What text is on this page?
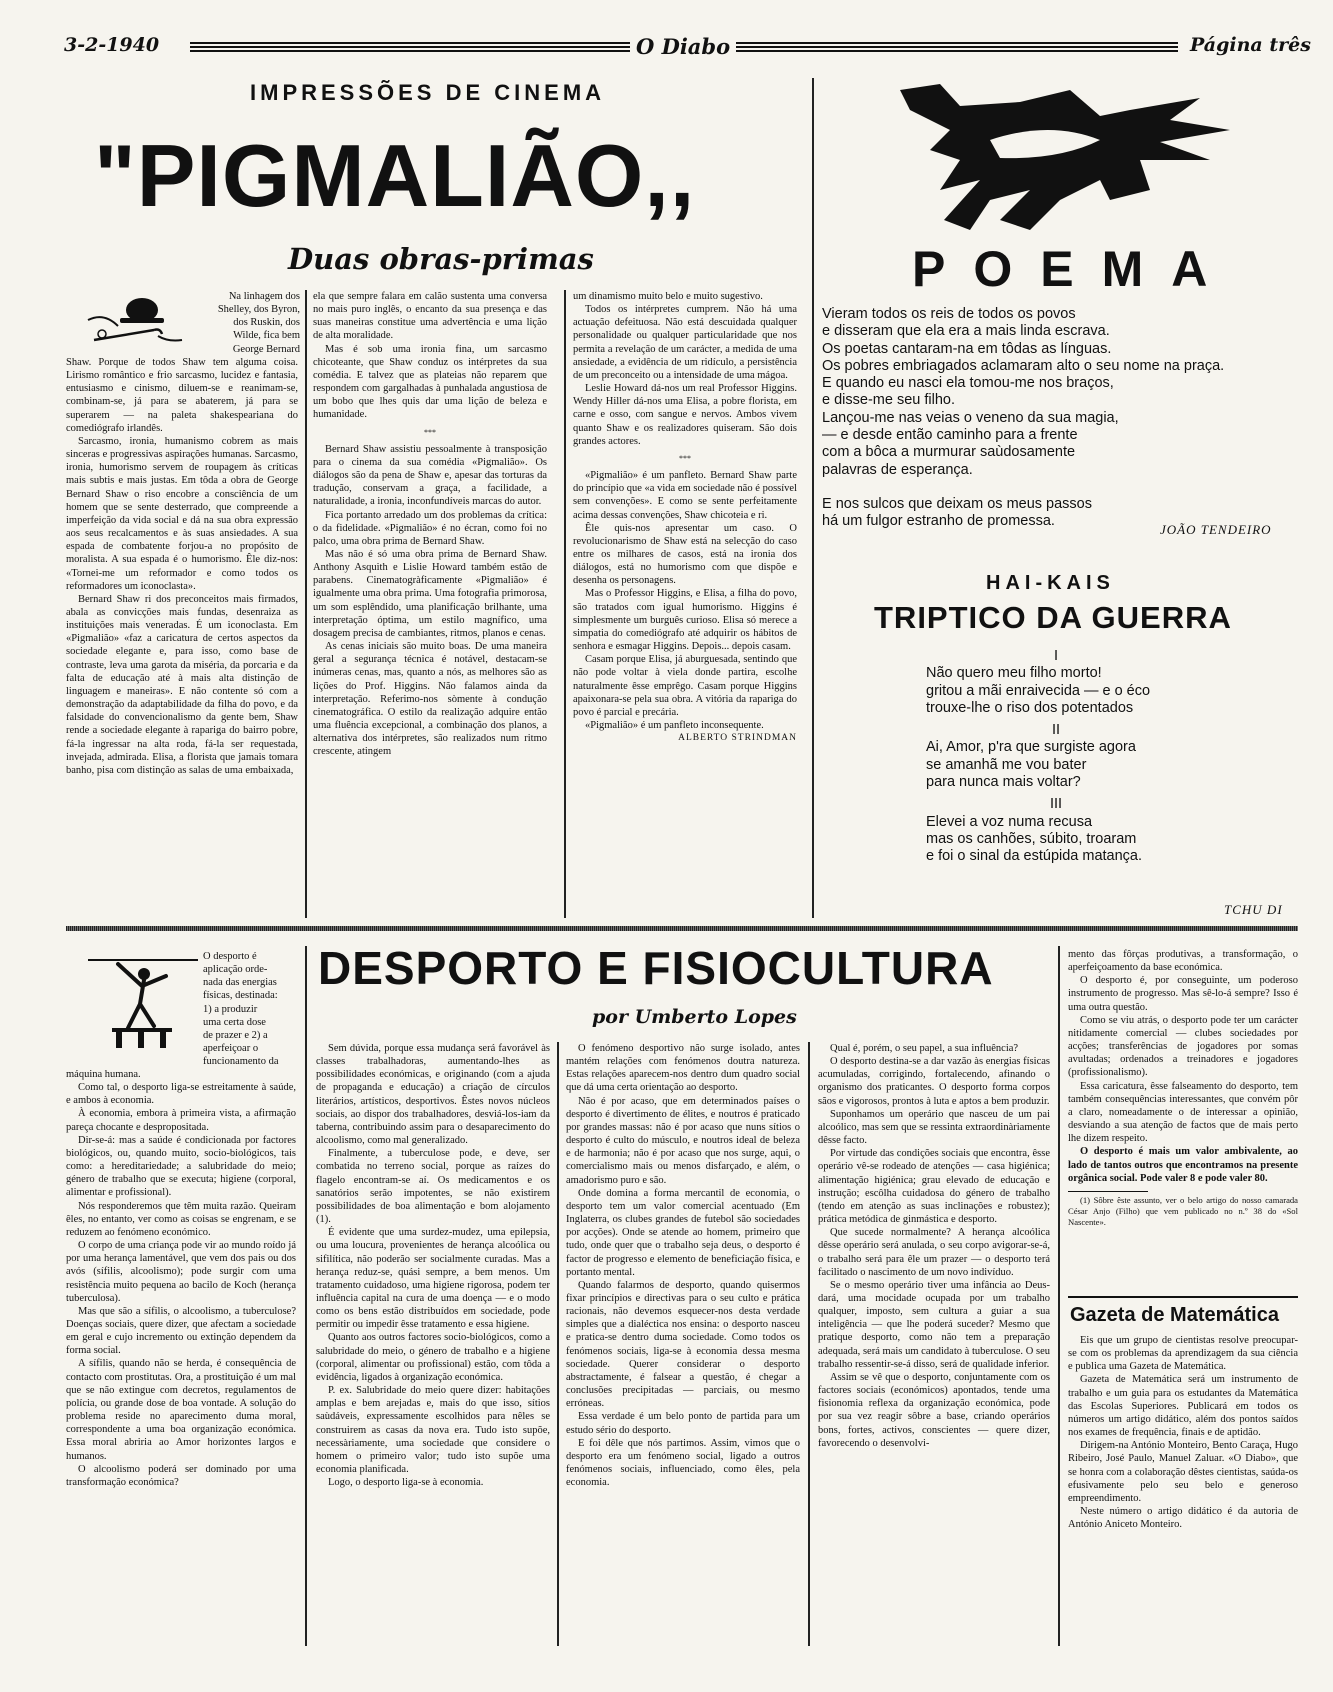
3-2-1940	O Diabo	Página três
IMPRESSÕES DE CINEMA
"PIGMALIÃO,,
Duas obras-primas
Na linhagem dos
Shelley, dos Byron,
dos Ruskin, dos
Wilde, fica bem
George Bernard

Shaw. Porque de todos Shaw tem alguma coisa. Lirismo romântico e frio sarcasmo, lucidez e fantasia, entusiasmo e cinismo, diluem-se e reanimam-se, combinam-se, já para se abaterem, já para se superarem — na paleta shakespeariana do comediógrafo irlandês.

Sarcasmo, ironia, humanismo cobrem as mais sinceras e progressivas aspirações humanas. Sarcasmo, ironia, humorismo servem de roupagem às críticas mais subtis e mais justas. Em tôda a obra de George Bernard Shaw o riso encobre a consciência de um homem que se sente desterrado, que compreende a imperfeição da vida social e dá na sua obra expressão aos seus recalcamentos e às suas ansiedades. A sua espada de combatente forjou-a no propósito de moralista. A sua espada é o humorismo. Êle diz-nos: «Tornei-me um reformador e como todos os reformadores um iconoclasta».

Bernard Shaw ri dos preconceitos mais firmados, abala as convicções mais fundas, desenraiza as instituições mais veneradas. É um iconoclasta. Em «Pigmalião» «faz a caricatura de certos aspectos da sociedade elegante e, para isso, como base de contraste, leva uma garota da miséria, da porcaria e da falta de educação até à mais alta distinção de linguagem e maneiras». E não contente só com a demonstração da adaptabilidade da filha do povo, e da falsidade do convencionalismo da gente bem, Shaw rende a sociedade elegante à rapariga do bairro pobre, fá-la ingressar na alta roda, fá-la ser requestada, invejada, admirada. Elisa, a florista que jamais tomara banho, pisa com distinção as salas de uma embaixada,

ela que sempre falara em calão sustenta uma conversa no mais puro inglês, o encanto da sua presença e das suas maneiras constitue uma advertência e uma lição de alta moralidade.

Mas é sob uma ironia fina, um sarcasmo chicoteante, que Shaw conduz os intérpretes da sua comédia. E talvez que as plateias não reparem que respondem com gargalhadas à punhalada angustiosa de um bobo que lhes quis dar uma lição de beleza e humanidade.

***

Bernard Shaw assistiu pessoalmente à transposição para o cinema da sua comédia «Pigmalião». Os diálogos são da pena de Shaw e, apesar das torturas da tradução, conservam a graça, a facilidade, a naturalidade, a ironia, inconfundíveis marcas do autor.

Fica portanto arredado um dos problemas da crítica: o da fidelidade. «Pigmalião» é no écran, como foi no palco, uma obra prima de Bernard Shaw.

Mas não é só uma obra prima de Bernard Shaw. Anthony Asquith e Lislie Howard também estão de parabens. Cinematogràficamente «Pigmalião» é igualmente uma obra prima. Uma fotografia primorosa, um som esplêndido, uma planificação brilhante, uma interpretação óptima, um estilo magnífico, uma dosagem precisa de cambiantes, ritmos, planos e cenas.

As cenas iniciais são muito boas. De uma maneira geral a segurança técnica é notável, destacam-se inúmeras cenas, mas, quanto a nós, as melhores são as lições do Prof. Higgins. Não falamos ainda da interpretação. Referimo-nos sòmente à condução cinematográfica. O estilo da realização adquire então uma fluência excepcional, a combinação dos planos, a alternativa dos intérpretes, são realizados num ritmo crescente, atingem

um dinamismo muito belo e muito sugestivo.

Todos os intérpretes cumprem. Não há uma actuação defeituosa. Não está descuidada qualquer personalidade ou qualquer particularidade que nos permita a revelação de um carácter, a medida de uma ansiedade, a evidência de um ridículo, a persistência de um preconceito ou a intensidade de uma mágoa.

Leslie Howard dá-nos um real Professor Higgins. Wendy Hiller dá-nos uma Elisa, a pobre florista, em carne e osso, com sangue e nervos. Ambos vivem quanto Shaw e os realizadores quiseram. São dois grandes actores.

***

«Pigmalião» é um panfleto. Bernard Shaw parte do princípio que «a vida em sociedade não é possível sem convenções». E como se sente perfeitamente acima dessas convenções, Shaw chicoteia e ri.

Êle quis-nos apresentar um caso. O revolucionarismo de Shaw está na selecção do caso entre os milhares de casos, está na ironia dos diálogos, está no humorismo com que dispõe e desenha os personagens.

Mas o Professor Higgins, e Elisa, a filha do povo, são tratados com igual humorismo. Higgins é simplesmente um burguês curioso. Elisa só merece a simpatia do comediógrafo até adquirir os hábitos de senhora e esmagar Higgins. Depois... depois casam.

Casam porque Elisa, já aburguesada, sentindo que não pode voltar à viela donde partira, escolhe naturalmente êsse emprêgo. Casam porque Higgins apaixonara-se pela sua obra. A vitória da rapariga do povo é parcial e precária.

«Pigmalião» é um panfleto inconsequente.

ALBERTO STRINDMAN

POEMA
Vieram todos os reis de todos os povos
e disseram que ela era a mais linda escrava.
Os poetas cantaram-na em tôdas as línguas.
Os pobres embriagados aclamaram alto o seu nome na praça.
E quando eu nasci ela tomou-me nos braços,
e disse-me seu filho.
Lançou-me nas veias o veneno da sua magia,
— e desde então caminho para a frente
com a bôca a murmurar saùdosamente
palavras de esperança.
E nos sulcos que deixam os meus passos
há um fulgor estranho de promessa.
JOÃO TENDEIRO
HAI-KAIS
TRIPTICO DA GUERRA
I
Não quero meu filho morto!
gritou a mãi enraivecida — e o éco
trouxe-lhe o riso dos potentados
II
Ai, Amor, p'ra que surgiste agora
se amanhã me vou bater
para nunca mais voltar?
III
Elevei a voz numa recusa
mas os canhões, súbito, troaram
e foi o sinal da estúpida matança.
TCHU DI
O desporto é
aplicação orde-
nada das energias
físicas, destinada:
1) a produzir
uma certa dose
de prazer e 2) a
aperfeiçoar o
funcionamento da

máquina humana.

Como tal, o desporto liga-se estreitamente à saúde, e ambos à economia.

À economia, embora à primeira vista, a afirmação pareça chocante e despropositada.

Dir-se-á: mas a saúde é condicionada por factores biológicos, ou, quando muito, socio-biológicos, tais como: a hereditariedade; a salubridade do meio; género de trabalho que se executa; higiene (corporal, alimentar e profissional).

Nós responderemos que têm muita razão. Queiram êles, no entanto, ver como as coisas se engrenam, e se reduzem ao fenómeno económico.

O corpo de uma criança pode vir ao mundo roído já por uma herança lamentável, que vem dos pais ou dos avós (sífilis, alcoolismo); pode surgir com uma resistência muito pequena ao bacilo de Koch (herança tuberculosa).

Mas que são a sífilis, o alcoolismo, a tuberculose? Doenças sociais, quere dizer, que afectam a sociedade em geral e cujo incremento ou extinção dependem da forma social.

A sífilis, quando não se herda, é consequência de contacto com prostitutas. Ora, a prostituição é um mal que se não extingue com decretos, regulamentos de polícia, ou grande dose de boa vontade. A solução do problema reside no aparecimento duma moral, correspondente a uma boa organização económica. Essa moral abriria ao Amor horizontes largos e humanos.

O alcoolismo poderá ser dominado por uma transformação económica?

DESPORTO E FISIOCULTURA
por Umberto Lopes

Sem dúvida, porque essa mudança será favorável às classes trabalhadoras, aumentando-lhes as possibilidades económicas, e originando (com a ajuda de propaganda e educação) a criação de círculos literários, artísticos, desportivos. Êstes novos núcleos sociais, ao dispor dos trabalhadores, desviá-los-iam da taberna, contribuindo assim para o desaparecimento do alcoolismo, como mal generalizado.

Finalmente, a tuberculose pode, e deve, ser combatida no terreno social, porque as raízes do flagelo encontram-se aí. Os medicamentos e os sanatórios serão impotentes, se não existirem possibilidades de boa alimentação e bom alojamento (1).

É evidente que uma surdez-mudez, uma epilepsia, ou uma loucura, provenientes de herança alcoólica ou sifilítica, não poderão ser socialmente curadas. Mas a herança reduz-se, quási sempre, a bem menos. Um tratamento cuidadoso, uma higiene rigorosa, podem ter influência capital na cura de uma doença — e o modo como os bens estão distribuídos em sociedade, pode permitir ou impedir êsse tratamento e essa higiene.

Quanto aos outros factores socio-biológicos, como a salubridade do meio, o género de trabalho e a higiene (corporal, alimentar ou profissional) estão, com tôda a evidência, ligados à organização económica.

P. ex. Salubridade do meio quere dizer: habitações amplas e bem arejadas e, mais do que isso, sítios saùdáveis, expressamente escolhidos para nêles se construirem as casas da nova era. Tudo isto supõe, necessàriamente, uma sociedade que considere o homem o primeiro valor; tudo isto supõe uma economia planificada.

Logo, o desporto liga-se à economia.

O fenómeno desportivo não surge isolado, antes mantém relações com fenómenos doutra natureza. Estas relações aparecem-nos dentro dum quadro social que dá uma certa orientação ao desporto.

Não é por acaso, que em determinados países o desporto é divertimento de élites, e noutros é praticado por grandes massas: não é por acaso que nuns sítios o desporto é culto do músculo, e noutros ideal de beleza e de harmonia; não é por acaso que nos surge, aqui, o comercialismo mais ou menos disfarçado, e além, o amadorismo puro e são.

Onde domina a forma mercantil de economia, o desporto tem um valor comercial acentuado (Em Inglaterra, os clubes grandes de futebol são sociedades por acções). Onde se atende ao homem, primeiro que tudo, onde quer que o trabalho seja deus, o desporto é factor de progresso e elemento de beneficiação física, e portanto mental.

Quando falarmos de desporto, quando quisermos fixar princípios e directivas para o seu culto e prática racionais, não devemos esquecer-nos desta verdade simples que a dialéctica nos ensina: o desporto nasceu e pratica-se dentro duma sociedade. Como todos os fenómenos sociais, liga-se à economia dessa mesma sociedade. Querer considerar o desporto abstractamente, é falsear a questão, é chegar a conclusões precipitadas — parciais, ou mesmo erróneas.

Essa verdade é um belo ponto de partida para um estudo sério do desporto.

E foi dêle que nós partimos. Assim, vimos que o desporto era um fenómeno social, ligado a outros fenómenos sociais, influenciado, como êles, pela economia.

Qual é, porém, o seu papel, a sua influência?

O desporto destina-se a dar vazão às energias físicas acumuladas, corrigindo, fortalecendo, afinando o organismo dos praticantes. O desporto forma corpos sãos e vigorosos, prontos à luta e aptos a bem produzir.

Suponhamos um operário que nasceu de um pai alcoólico, mas sem que se ressinta extraordinàriamente dêsse facto.

Por virtude das condições sociais que encontra, êsse operário vê-se rodeado de atenções — casa higiénica; alimentação higiénica; grau elevado de educação e instrução; escôlha cuidadosa do género de trabalho (tendo em atenção as suas inclinações e robustez); prática metódica de ginmástica e desporto.

Que sucede normalmente? A herança alcoólica dêsse operário será anulada, o seu corpo avigorar-se-á, o trabalho será para êle um prazer — o desporto terá facilitado o nascimento de um novo indivíduo.

Se o mesmo operário tiver uma infância ao Deus-dará, uma mocidade ocupada por um trabalho qualquer, imposto, sem cultura a guiar a sua inteligência — que lhe poderá suceder? Mesmo que pratique desporto, como não tem a preparação adequada, será mais um candidato à tuberculose. O seu trabalho ressentir-se-á disso, será de qualidade inferior.

Assim se vê que o desporto, conjuntamente com os factores sociais (económicos) apontados, tende uma fisionomia reflexa da organização económica, pode por sua vez reagir sôbre a base, criando operários bons, fortes, activos, conscientes — quere dizer, favorecendo o desenvolvi-

mento das fôrças produtivas, a transformação, o aperfeiçoamento da base económica.

O desporto é, por conseguinte, um poderoso instrumento de progresso. Mas sê-lo-á sempre? Isso é uma outra questão.

Como se viu atrás, o desporto pode ter um carácter nitidamente comercial — clubes sociedades por acções; transferências de jogadores por somas avultadas; ordenados a treinadores e jogadores (profissionalismo).

Essa caricatura, êsse falseamento do desporto, tem também consequências interessantes, que convém pôr a claro, nomeadamente o de interessar a opinião, desviando a sua atenção de factos que de mais perto lhe dizem respeito.

O desporto é mais um valor ambivalente, ao lado de tantos outros que encontramos na presente orgânica social. Pode valer 8 e pode valer 80.

(1) Sôbre êste assunto, ver o belo artigo do nosso camarada César Anjo (Filho) que vem publicado no n.º 38 do «Sol Nascente».

Gazeta de Matemática

Eis que um grupo de cientistas resolve preocupar-se com os problemas da aprendizagem da sua ciência e publica uma Gazeta de Matemática.

Gazeta de Matemática será um instrumento de trabalho e um guia para os estudantes da Matemática das Escolas Superiores. Publicará em todos os números um artigo didático, além dos pontos saídos nos exames de frequência, finais e de aptidão.

Dirigem-na António Monteiro, Bento Caraça, Hugo Ribeiro, José Paulo, Manuel Zaluar. «O Diabo», que se honra com a colaboração dêstes cientistas, saúda-os efusivamente pelo seu belo e generoso empreendimento.

Neste número o artigo didático é da autoria de António Aniceto Monteiro.
